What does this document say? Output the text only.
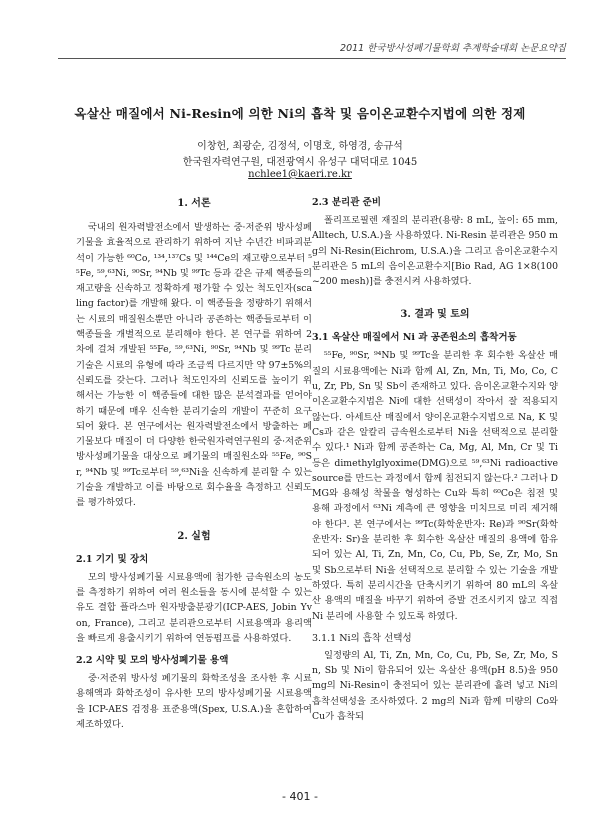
2011 한국방사성폐기물학회 추계학술대회 논문요약집
옥살산 매질에서 Ni-Resin에 의한 Ni의 흡착 및 음이온교환수지법에 의한 정제
이창헌, 최광순, 김정석, 이명호, 하영경, 송규석
한국원자력연구원, 대전광역시 유성구 대덕대로 1045
nchlee1@kaeri.re.kr
1. 서론

국내의 원자력발전소에서 발생하는 중·저준위 방사성폐기물을 효율적으로 관리하기 위하여 지난 수년간 비파괴분석이 가능한 ⁶⁰Co, ¹³⁴,¹³⁷Cs 및 ¹⁴⁴Ce의 재고량으로부터 ⁵⁵Fe, ⁵⁹,⁶³Ni, ⁹⁰Sr, ⁹⁴Nb 및 ⁹⁹Tc 등과 같은 규제 핵종들의 재고량을 신속하고 정확하게 평가할 수 있는 척도인자(scaling factor)를 개발해 왔다. 이 핵종들을 정량하기 위해서는 시료의 매질원소뿐만 아니라 공존하는 핵종들로부터 이 핵종들을 개별적으로 분리해야 한다. 본 연구를 위하여 2차에 걸쳐 개발된 ⁵⁵Fe, ⁵⁹,⁶³Ni, ⁹⁰Sr, ⁹⁴Nb 및 ⁹⁹Tc 분리기술은 시료의 유형에 따라 조금씩 다르지만 약 97±5%의 신뢰도를 갖는다. 그러나 척도인자의 신뢰도를 높이기 위해서는 가능한 이 핵종들에 대한 많은 분석결과를 얻어야 하기 때문에 매우 신속한 분리기술의 개발이 꾸준히 요구되어 왔다. 본 연구에서는 원자력발전소에서 방출하는 폐기물보다 매질이 더 다양한 한국원자력연구원의 중·저준위 방사성폐기물을 대상으로 폐기물의 매질원소와 ⁵⁵Fe, ⁹⁰Sr, ⁹⁴Nb 및 ⁹⁹Tc로부터 ⁵⁹,⁶³Ni을 신속하게 분리할 수 있는 기술을 개발하고 이를 바탕으로 회수율을 측정하고 신뢰도를 평가하였다.

2. 실험
2.1 기기 및 장치

모의 방사성폐기물 시료용액에 첨가한 금속원소의 농도를 측정하기 위하여 여러 원소들을 동시에 분석할 수 있는 유도 결합 플라스마 원자방출분광기(ICP-AES, Jobin Yvon, France), 그리고 분리관으로부터 시료용액과 용리액을 빠르게 용출시키기 위하여 연동펌프를 사용하였다.

2.2 시약 및 모의 방사성폐기물 용액

중·저준위 방사성 폐기물의 화학조성을 조사한 후 시료용해액과 화학조성이 유사한 모의 방사성폐기물 시료용액을 ICP-AES 검정용 표준용액(Spex, U.S.A.)을 혼합하여 제조하였다.

2.3 분리관 준비

폴리프로필렌 재질의 분리관(용량: 8 mL, 높이: 65 mm, Alltech, U.S.A.)을 사용하였다. Ni-Resin 분리관은 950 mg의 Ni-Resin(Eichrom, U.S.A.)을 그리고 음이온교환수지 분리관은 5 mL의 음이온교환수지[Bio Rad, AG 1×8(100~200 mesh)]를 충전시켜 사용하였다.

3. 결과 및 토의
3.1 옥살산 매질에서 Ni 과 공존원소의 흡착거동

⁵⁵Fe, ⁹⁰Sr, ⁹⁴Nb 및 ⁹⁹Tc을 분리한 후 회수한 옥살산 매질의 시료용액에는 Ni과 함께 Al, Zn, Mn, Ti, Mo, Co, Cu, Zr, Pb, Sn 및 Sb이 존재하고 있다. 음이온교환수지와 양이온교환수지법은 Ni에 대한 선택성이 작아서 잘 적용되지 않는다. 아세트산 매질에서 양이온교환수지법으로 Na, K 및 Cs과 같은 알칼리 금속원소로부터 Ni을 선택적으로 분리할 수 있다.¹ Ni과 함께 공존하는 Ca, Mg, Al, Mn, Cr 및 Ti 등은 dimethylglyoxime(DMG)으로 ⁵⁹,⁶³Ni radioactive source를 만드는 과정에서 함께 침전되지 않는다.² 그러나 DMG와 용해성 착물을 형성하는 Cu와 특히 ⁶⁰Co은 침전 및 용해 과정에서 ⁶³Ni 계측에 큰 영향을 미치므로 미리 제거해야 한다³. 본 연구에서는 ⁹⁹Tc(화학운반자: Re)과 ⁹⁰Sr(화학운반자: Sr)을 분리한 후 회수한 옥살산 매질의 용액에 함유되어 있는 Al, Ti, Zn, Mn, Co, Cu, Pb, Se, Zr, Mo, Sn 및 Sb으로부터 Ni을 선택적으로 분리할 수 있는 기술을 개발하였다. 특히 분리시간을 단축시키기 위하여 80 mL의 옥살산 용액의 매질을 바꾸기 위하여 증발 건조시키지 않고 직접 Ni 분리에 사용할 수 있도록 하였다.

3.1.1 Ni의 흡착 선택성

일정량의 Al, Ti, Zn, Mn, Co, Cu, Pb, Se, Zr, Mo, Sn, Sb 및 Ni이 함유되어 있는 옥살산 용액(pH 8.5)을 950 mg의 Ni-Resin이 충전되어 있는 분리관에 흘려 넣고 Ni의 흡착선택성을 조사하였다. 2 mg의 Ni과 함께 미량의 Co와 Cu가 흡착되

- 401 -
